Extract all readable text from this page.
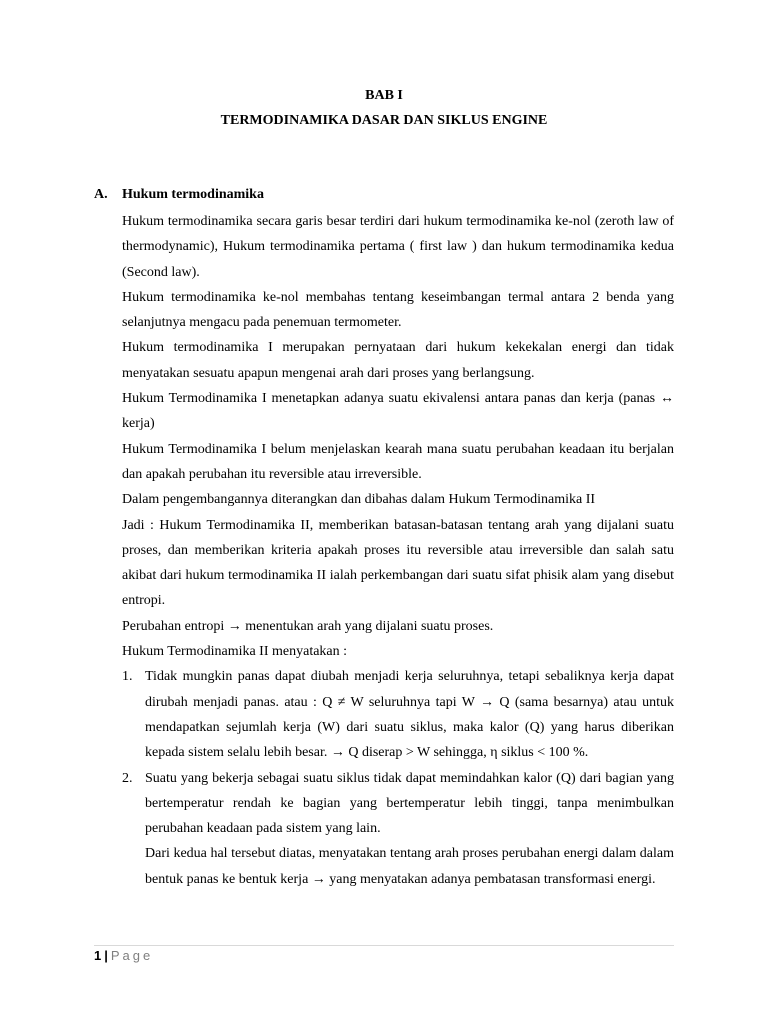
BAB I
TERMODINAMIKA DASAR DAN SIKLUS ENGINE
A. Hukum termodinamika

Hukum termodinamika secara garis besar terdiri dari hukum termodinamika ke-nol (zeroth law of thermodynamic), Hukum termodinamika pertama ( first law ) dan hukum termodinamika kedua (Second law).

Hukum termodinamika ke-nol membahas tentang keseimbangan termal antara 2 benda yang selanjutnya mengacu pada penemuan termometer.

Hukum termodinamika I merupakan pernyataan dari hukum kekekalan energi dan tidak menyatakan sesuatu apapun mengenai arah dari proses yang berlangsung.

Hukum Termodinamika I menetapkan adanya suatu ekivalensi antara panas dan kerja (panas ↔ kerja)

Hukum Termodinamika I belum menjelaskan kearah mana suatu perubahan keadaan itu berjalan dan apakah perubahan itu reversible atau irreversible.

Dalam pengembangannya diterangkan dan dibahas dalam Hukum Termodinamika II

Jadi : Hukum Termodinamika II, memberikan batasan-batasan tentang arah yang dijalani suatu proses, dan memberikan kriteria apakah proses itu reversible atau irreversible dan salah satu akibat dari hukum termodinamika II ialah perkembangan dari suatu sifat phisik alam yang disebut entropi.

Perubahan entropi → menentukan arah yang dijalani suatu proses.

Hukum Termodinamika II menyatakan :

1. Tidak mungkin panas dapat diubah menjadi kerja seluruhnya, tetapi sebaliknya kerja dapat dirubah menjadi panas. atau : Q ≠ W seluruhnya tapi W → Q (sama besarnya) atau untuk mendapatkan sejumlah kerja (W) dari suatu siklus, maka kalor (Q) yang harus diberikan kepada sistem selalu lebih besar. → Q diserap > W sehingga, η siklus < 100 %.

2. Suatu yang bekerja sebagai suatu siklus tidak dapat memindahkan kalor (Q) dari bagian yang bertemperatur rendah ke bagian yang bertemperatur lebih tinggi, tanpa menimbulkan perubahan keadaan pada sistem yang lain.

Dari kedua hal tersebut diatas, menyatakan tentang arah proses perubahan energi dalam dalam bentuk panas ke bentuk kerja → yang menyatakan adanya pembatasan transformasi energi.

1 | Page
